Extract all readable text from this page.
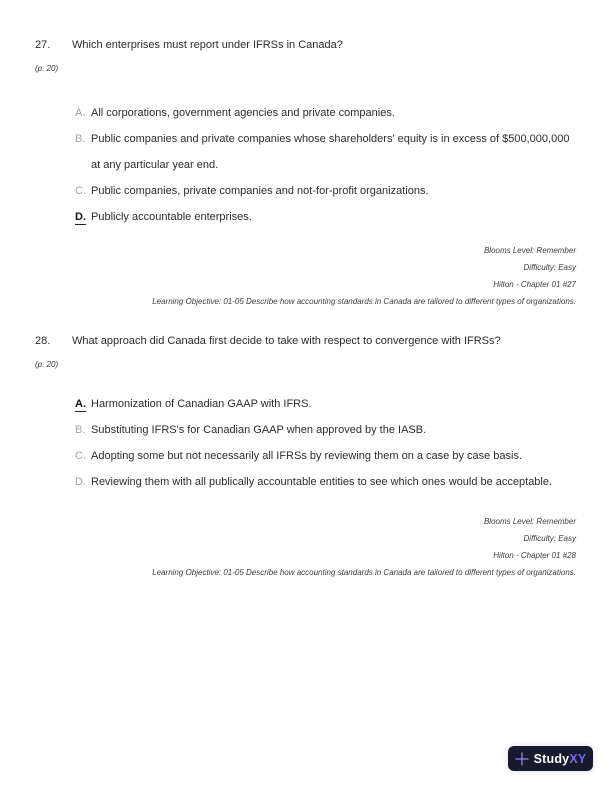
27.	Which enterprises must report under IFRSs in Canada?
(p. 20)
A. All corporations, government agencies and private companies.
B. Public companies and private companies whose shareholders' equity is in excess of $500,000,000 at any particular year end.
C. Public companies, private companies and not-for-profit organizations.
D. Publicly accountable enterprises.
Blooms Level: Remember
Difficulty: Easy
Hilton - Chapter 01 #27
Learning Objective: 01-05 Describe how accounting standards in Canada are tailored to different types of organizations.
28.	What approach did Canada first decide to take with respect to convergence with IFRSs?
(p. 20)
A. Harmonization of Canadian GAAP with IFRS.
B. Substituting IFRS's for Canadian GAAP when approved by the IASB.
C. Adopting some but not necessarily all IFRSs by reviewing them on a case by case basis.
D. Reviewing them with all publically accountable entities to see which ones would be acceptable.
Blooms Level: Remember
Difficulty: Easy
Hilton - Chapter 01 #28
Learning Objective: 01-05 Describe how accounting standards in Canada are tailored to different types of organizations.
StudyXY
